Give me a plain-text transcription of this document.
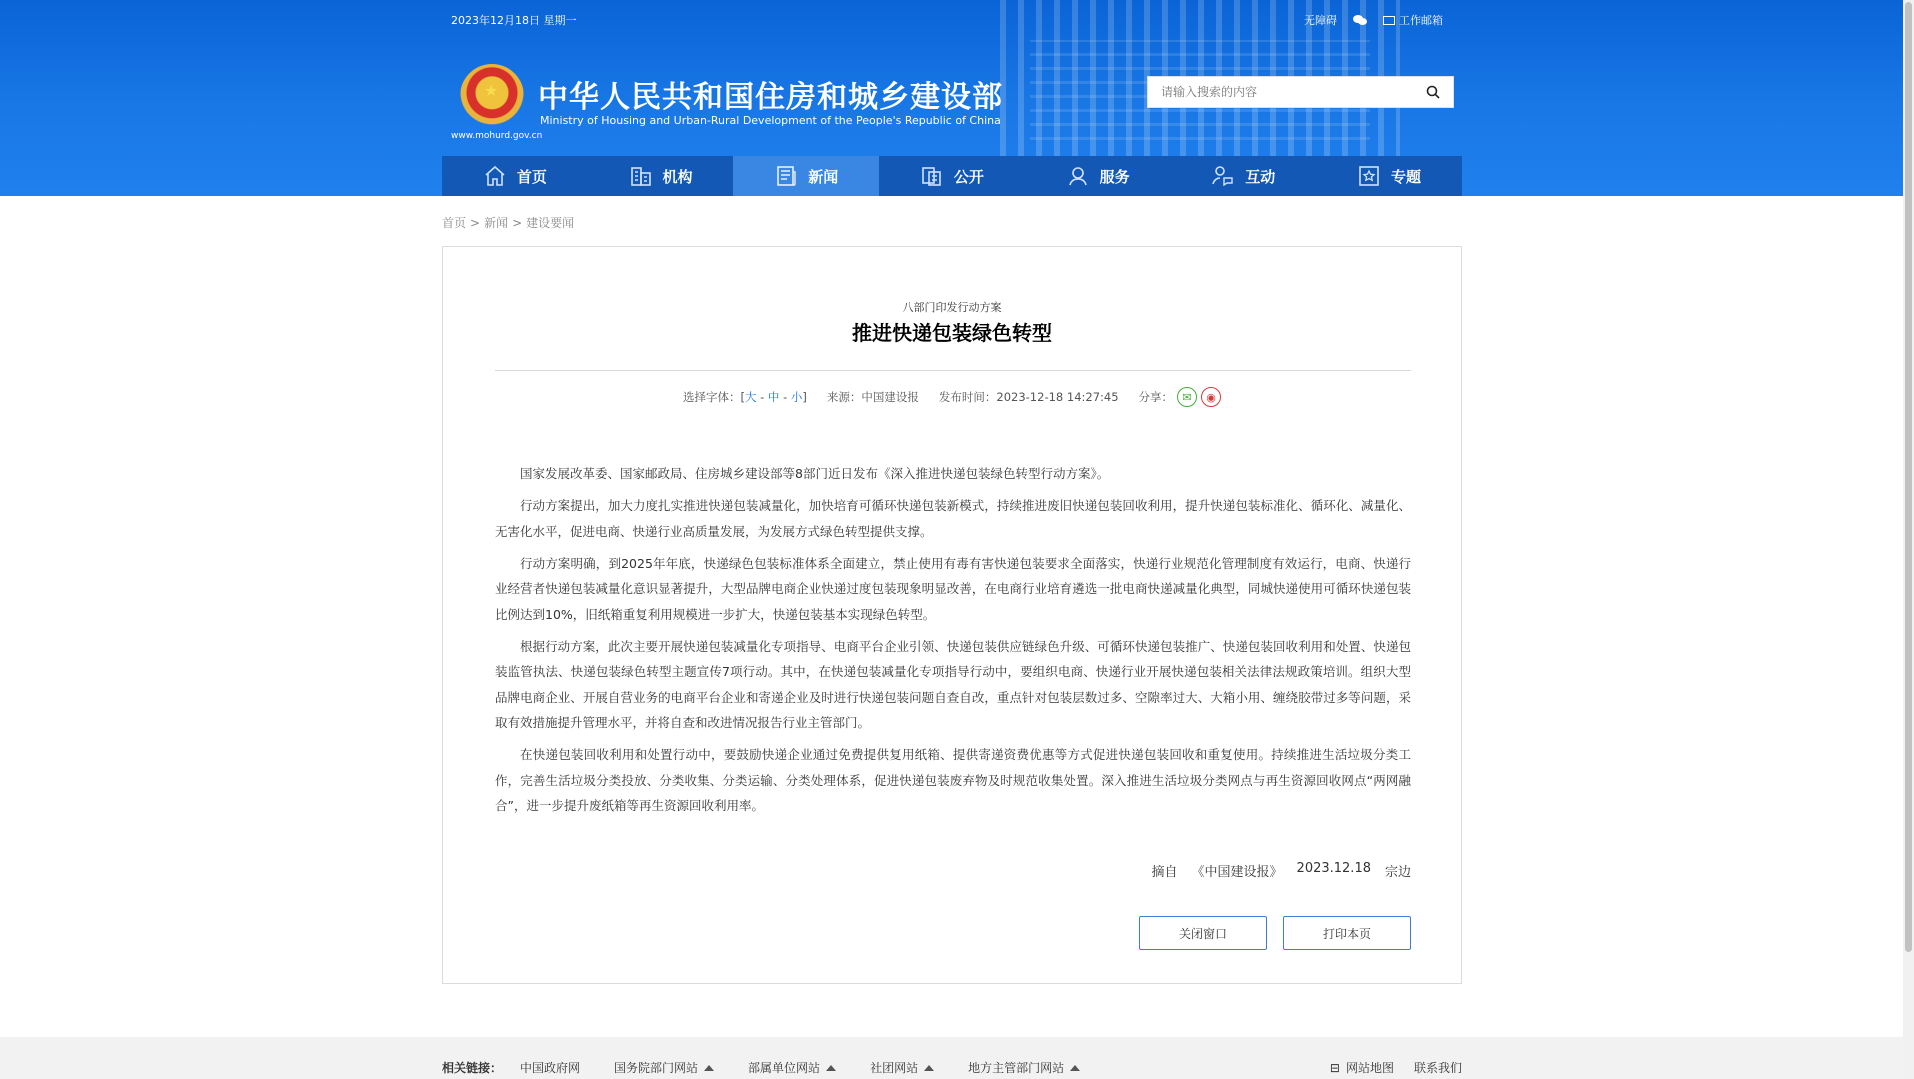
2023年12月18日 星期一	无障碍	工作邮箱
★
www.mohurd.gov.cn
中华人民共和国住房和城乡建设部
Ministry of Housing and Urban-Rural Development of the People's Republic of China
请输入搜索的内容
首页	机构	新闻	公开	服务	互动	专题
首页 > 新闻 > 建设要闻
八部门印发行动方案
推进快递包装绿色转型
选择字体：[大 - 中 - 小] 来源：中国建设报 发布时间：2023-12-18 14:27:45 分享： ✉	◉

国家发展改革委、国家邮政局、住房城乡建设部等8部门近日发布《深入推进快递包装绿色转型行动方案》。

行动方案提出，加大力度扎实推进快递包装减量化，加快培育可循环快递包装新模式，持续推进废旧快递包装回收利用，提升快递包装标准化、循环化、减量化、无害化水平，促进电商、快递行业高质量发展，为发展方式绿色转型提供支撑。

行动方案明确，到2025年年底，快递绿色包装标准体系全面建立，禁止使用有毒有害快递包装要求全面落实，快递行业规范化管理制度有效运行，电商、快递行业经营者快递包装减量化意识显著提升，大型品牌电商企业快递过度包装现象明显改善，在电商行业培育遴选一批电商快递减量化典型，同城快递使用可循环快递包装比例达到10%，旧纸箱重复利用规模进一步扩大，快递包装基本实现绿色转型。

根据行动方案，此次主要开展快递包装减量化专项指导、电商平台企业引领、快递包装供应链绿色升级、可循环快递包装推广、快递包装回收利用和处置、快递包装监管执法、快递包装绿色转型主题宣传7项行动。其中，在快递包装减量化专项指导行动中，要组织电商、快递行业开展快递包装相关法律法规政策培训。组织大型品牌电商企业、开展自营业务的电商平台企业和寄递企业及时进行快递包装问题自查自改，重点针对包装层数过多、空隙率过大、大箱小用、缠绕胶带过多等问题，采取有效措施提升管理水平，并将自查和改进情况报告行业主管部门。

在快递包装回收利用和处置行动中，要鼓励快递企业通过免费提供复用纸箱、提供寄递资费优惠等方式促进快递包装回收和重复使用。持续推进生活垃圾分类工作，完善生活垃圾分类投放、分类收集、分类运输、分类处理体系，促进快递包装废弃物及时规范收集处置。深入推进生活垃圾分类网点与再生资源回收网点“两网融合”，进一步提升废纸箱等再生资源回收利用率。

摘自 《中国建设报》 2023.12.18 宗边
关闭窗口	打印本页
相关链接： 中国政府网	国务院部门网站	部属单位网站	社团网站	地方主管部门网站	⊟ 网站地图 联系我们
